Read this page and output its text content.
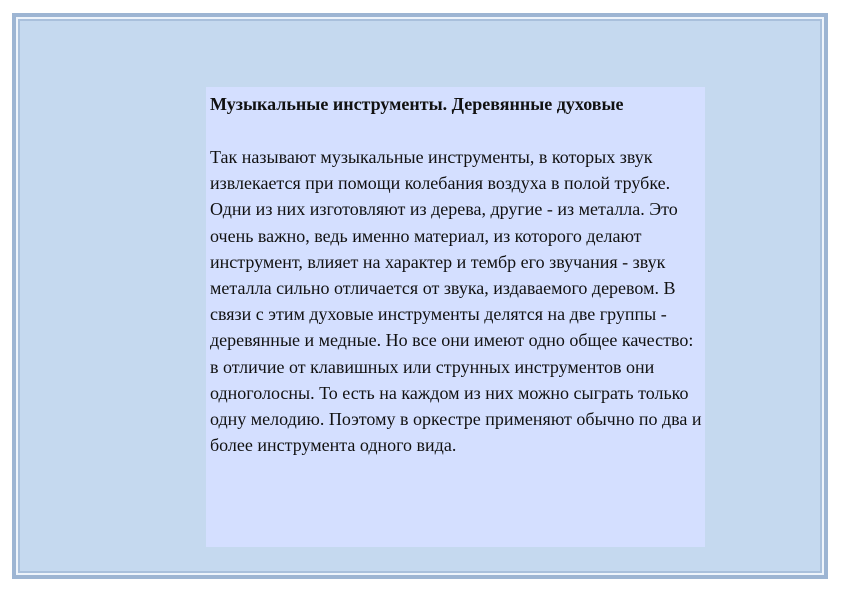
Музыкальные инструменты. Деревянные духовые

Так называют музыкальные инструменты, в которых звук извлекается при помощи колебания воздуха в полой трубке. Одни из них изготовляют из дерева, другие - из металла. Это очень важно, ведь именно материал, из которого делают инструмент, влияет на характер и тембр его звучания - звук металла сильно отличается от звука, издаваемого деревом. В связи с этим духовые инструменты делятся на две группы - деревянные и медные. Но все они имеют одно общее качество: в отличие от клавишных или струнных инструментов они одноголосны. То есть на каждом из них можно сыграть только одну мелодию. Поэтому в оркестре применяют обычно по два и более инструмента одного вида.
